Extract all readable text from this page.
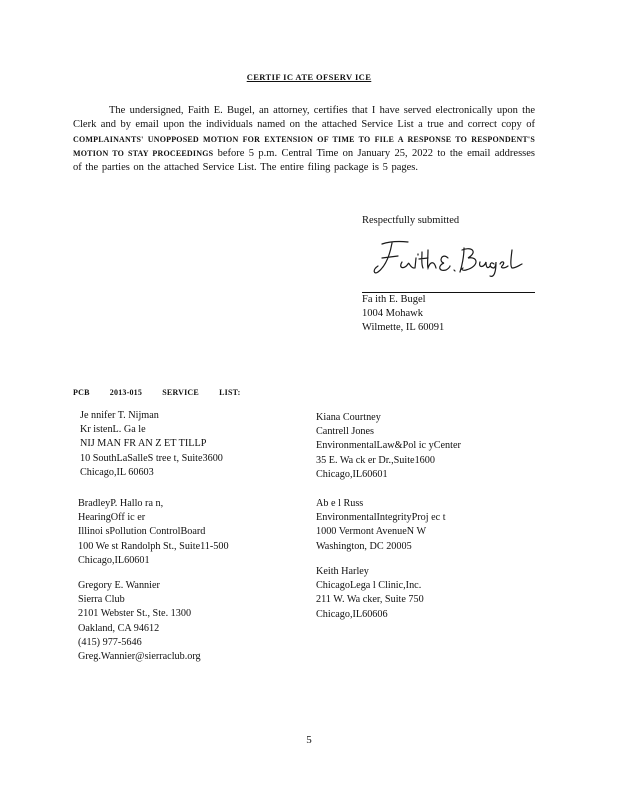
CERTIF IC ATE OFSERV ICE
The undersigned, Faith E. Bugel, an attorney, certifies that I have served electronically upon the Clerk and by email upon the individuals named on the attached Service List a true and correct copy of COMPLAINANTS' UNOPPOSED MOTION FOR EXTENSION OF TIME TO FILE A RESPONSE TO RESPONDENT'S MOTION TO STAY PROCEEDINGS before 5 p.m. Central Time on January 25, 2022 to the email addresses of the parties on the attached Service List. The entire filing package is 5 pages.
Respectfully submitted
Fa ith E. Bugel
1004 Mohawk
Wilmette, IL 60091
PCB 2013-015 SERVICE LIST:
Je nnifer T. Nijman
Kr istenL. Ga le
NIJ MAN FR AN Z ET TILLP
10 SouthLaSalleS tree t, Suite3600
Chicago,IL 60603
BradleyP. Hallo ra n,
HearingOff ic er
Illinoi sPollution ControlBoard
100 We st Randolph St., Suite11-500
Chicago,IL60601
Gregory E. Wannier
Sierra Club
2101 Webster St., Ste. 1300
Oakland, CA 94612
(415) 977-5646
Greg.Wannier@sierraclub.org
Kiana Courtney
Cantrell Jones
EnvironmentalLaw&Pol ic yCenter
35 E. Wa ck er Dr.,Suite1600
Chicago,IL60601
Ab e l Russ
EnvironmentalIntegrityProj ec t
1000 Vermont AvenueN W
Washington, DC 20005
Keith Harley
ChicagoLega l Clinic,Inc.
211 W. Wa cker, Suite 750
Chicago,IL60606
5
